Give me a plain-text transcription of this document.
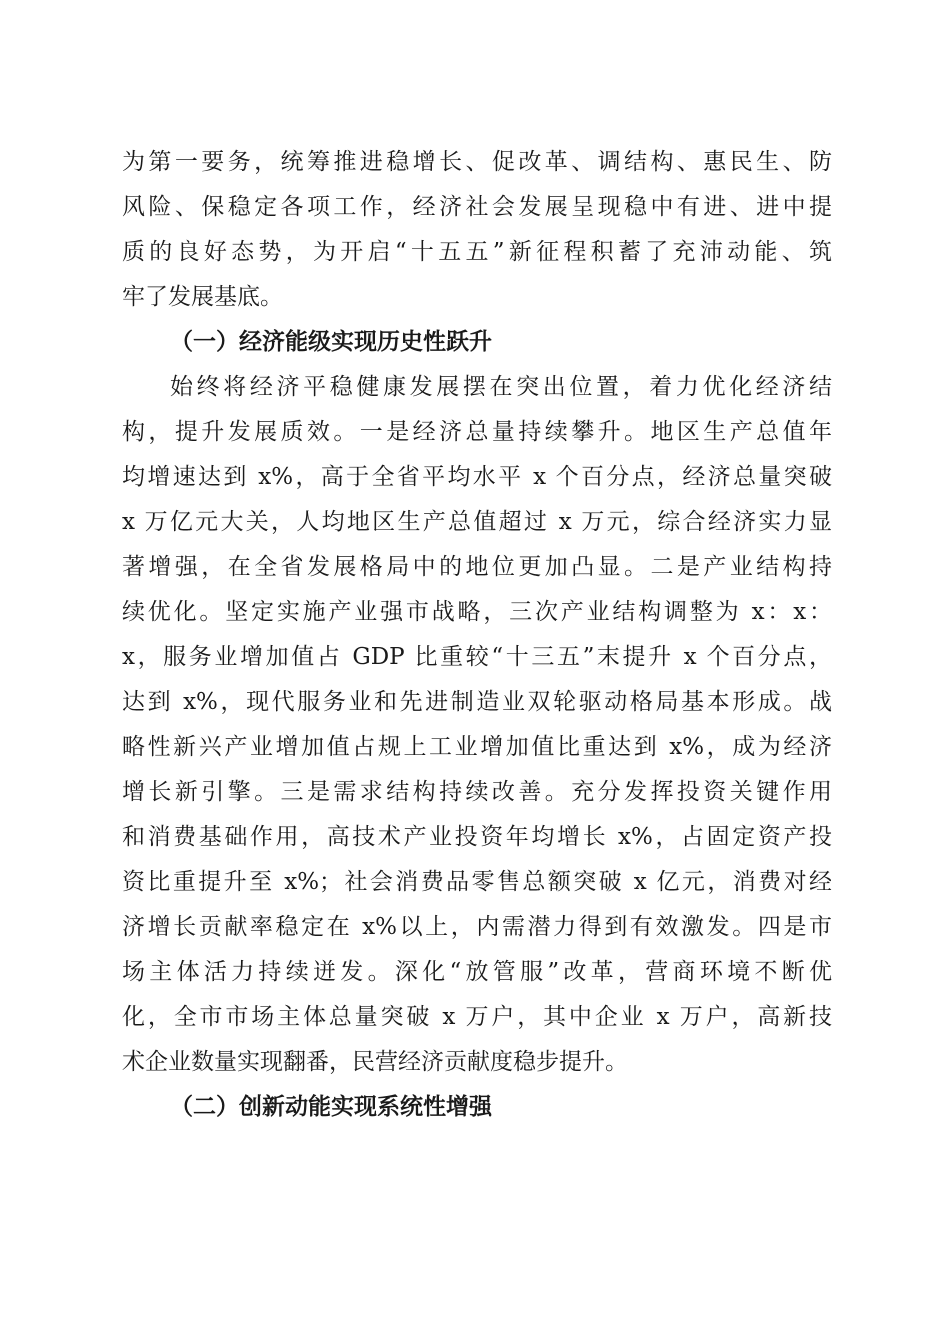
为第一要务，统筹推进稳增长、促改革、调结构、惠民生、防

风险、保稳定各项工作，经济社会发展呈现稳中有进、进中提

质的良好态势，为开启“十五五”新征程积蓄了充沛动能、筑

牢了发展基底。

（一）经济能级实现历史性跃升

始终将经济平稳健康发展摆在突出位置，着力优化经济结

构，提升发展质效。一是经济总量持续攀升。地区生产总值年

均增速达到 x%，高于全省平均水平 x 个百分点，经济总量突破

x 万亿元大关，人均地区生产总值超过 x 万元，综合经济实力显

著增强，在全省发展格局中的地位更加凸显。二是产业结构持

续优化。坚定实施产业强市战略，三次产业结构调整为 x：x：

x，服务业增加值占 GDP 比重较“十三五”末提升 x 个百分点，

达到 x%，现代服务业和先进制造业双轮驱动格局基本形成。战

略性新兴产业增加值占规上工业增加值比重达到 x%，成为经济

增长新引擎。三是需求结构持续改善。充分发挥投资关键作用

和消费基础作用，高技术产业投资年均增长 x%，占固定资产投

资比重提升至 x%；社会消费品零售总额突破 x 亿元，消费对经

济增长贡献率稳定在 x%以上，内需潜力得到有效激发。四是市

场主体活力持续迸发。深化“放管服”改革，营商环境不断优

化，全市市场主体总量突破 x 万户，其中企业 x 万户，高新技

术企业数量实现翻番，民营经济贡献度稳步提升。

（二）创新动能实现系统性增强
